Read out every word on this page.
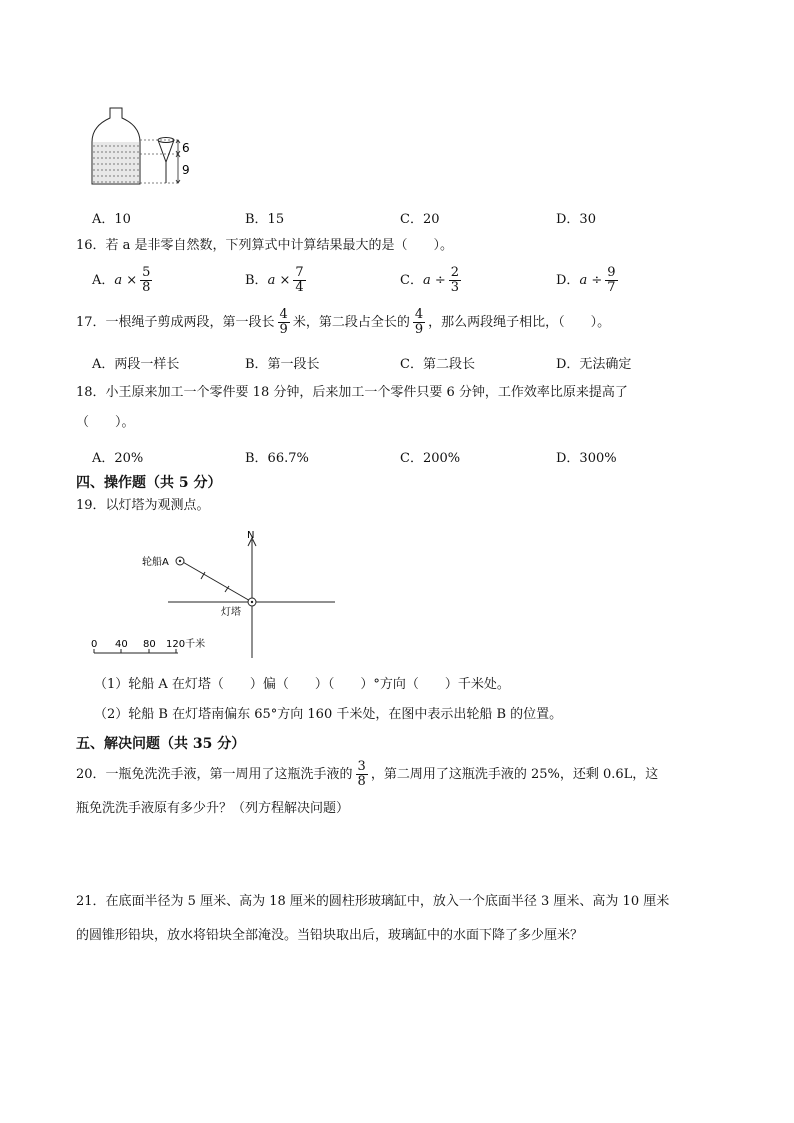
6
9
A．10	B．15	C．20	D．30
16．若 a 是非零自然数，下列算式中计算结果最大的是（　　）。
A．$a \times \frac{5}{8}$	B．$a \times \frac{7}{4}$	C．$a \div \frac{2}{3}$	D．$a \div \frac{9}{7}$
17．一根绳子剪成两段，第一段长 $\frac{4}{9}$ 米，第二段占全长的 $\frac{4}{9}$ ，那么两段绳子相比，（　　）。
A．两段一样长	B．第一段长	C．第二段长	D．无法确定
18．小王原来加工一个零件要 18 分钟，后来加工一个零件只要 6 分钟，工作效率比原来提高了
（　　）。
A．20%	B．66.7%	C．200%	D．300%
四、操作题（共 5 分）
19．以灯塔为观测点。
N
轮船A
灯塔
0 40 80 120千米
（1）轮船 A 在灯塔（　　）偏（　　）（　　）°方向（　　）千米处。
（2）轮船 B 在灯塔南偏东 65°方向 160 千米处，在图中表示出轮船 B 的位置。
五、解决问题（共 35 分）
20．一瓶免洗洗手液，第一周用了这瓶洗手液的 $\frac{3}{8}$ ，第二周用了这瓶洗手液的 25%，还剩 0.6L，这
瓶免洗洗手液原有多少升？（列方程解决问题）
21．在底面半径为 5 厘米、高为 18 厘米的圆柱形玻璃缸中，放入一个底面半径 3 厘米、高为 10 厘米
的圆锥形铅块，放水将铅块全部淹没。当铅块取出后，玻璃缸中的水面下降了多少厘米？
